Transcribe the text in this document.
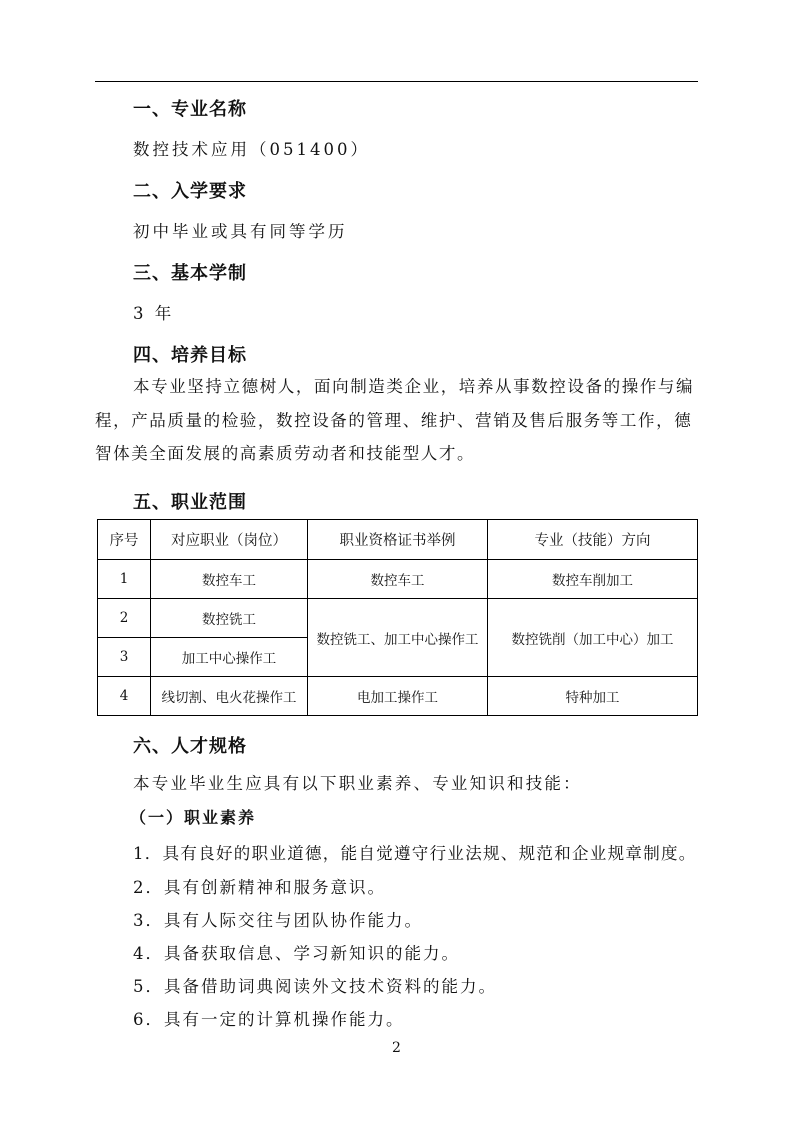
一、专业名称
数控技术应用（051400）
二、入学要求
初中毕业或具有同等学历
三、基本学制
3 年
四、培养目标
本专业坚持立德树人，面向制造类企业，培养从事数控设备的操作与编程，产品质量的检验，数控设备的管理、维护、营销及售后服务等工作，德智体美全面发展的高素质劳动者和技能型人才。
五、职业范围
序号	对应职业（岗位）	职业资格证书举例	专业（技能）方向
1	数控车工	数控车工	数控车削加工
2	数控铣工	数控铣工、加工中心操作工	数控铣削（加工中心）加工
3	加工中心操作工		
4	线切割、电火花操作工	电加工操作工	特种加工
六、人才规格
本专业毕业生应具有以下职业素养、专业知识和技能：
（一）职业素养
1．具有良好的职业道德，能自觉遵守行业法规、规范和企业规章制度。
2．具有创新精神和服务意识。
3．具有人际交往与团队协作能力。
4．具备获取信息、学习新知识的能力。
5．具备借助词典阅读外文技术资料的能力。
6．具有一定的计算机操作能力。
2
